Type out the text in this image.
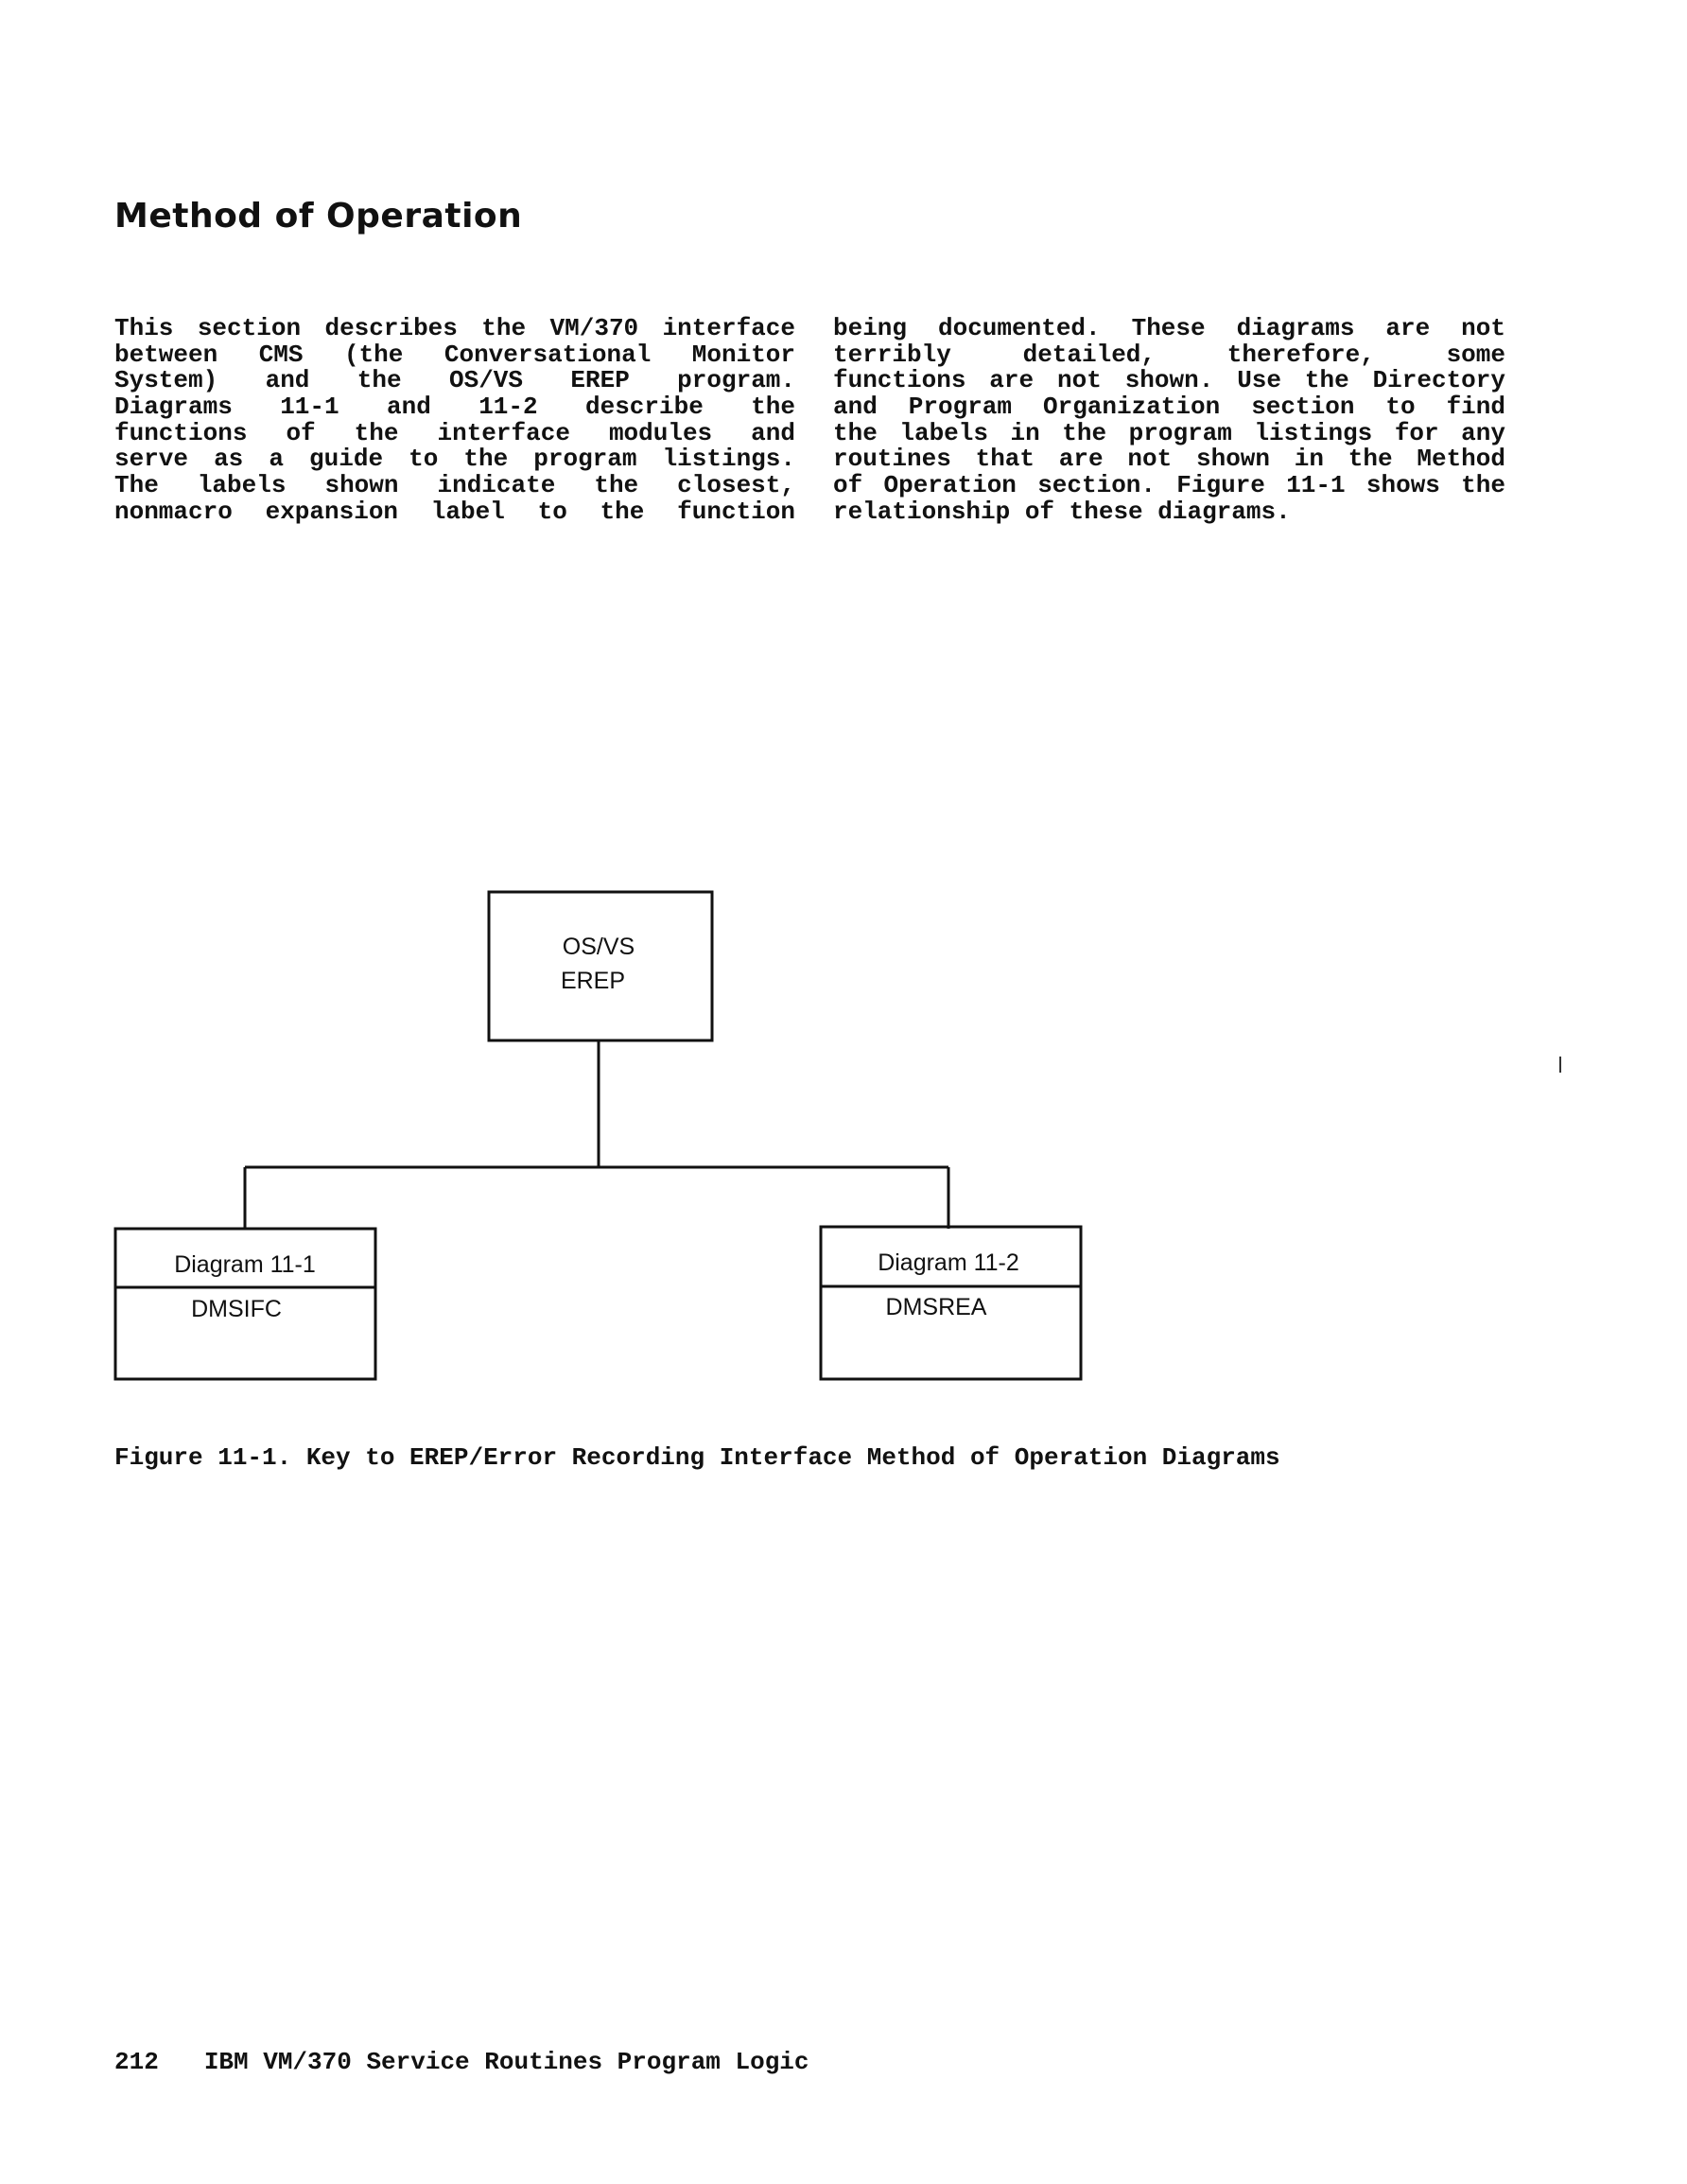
Method of Operation
This section describes the VM/370 interface
between CMS (the Conversational Monitor
System) and the OS/VS EREP program.
Diagrams 11-1 and 11-2 describe the
functions of the interface modules and
serve as a guide to the program listings.
The labels shown indicate the closest,
nonmacro expansion label to the function
being documented. These diagrams are not
terribly detailed, therefore, some
functions are not shown. Use the Directory
and Program Organization section to find
the labels in the program listings for any
routines that are not shown in the Method
of Operation section. Figure 11-1 shows the
relationship of these diagrams.
OS/VS
EREP
Diagram 11-1
DMSIFC
Diagram 11-2
DMSREA

Figure 11-1. Key to EREP/Error Recording Interface Method of Operation Diagrams

212 IBM VM/370 Service Routines Program Logic
